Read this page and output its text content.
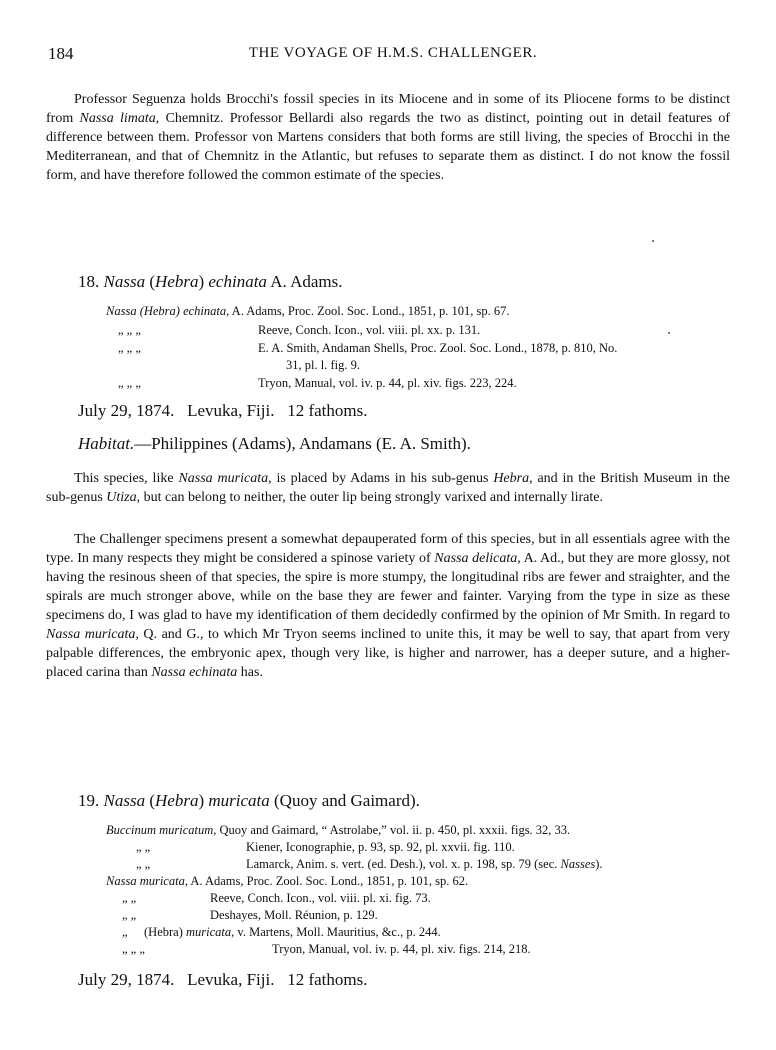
184	THE VOYAGE OF H.M.S. CHALLENGER.

Professor Seguenza holds Brocchi's fossil species in its Miocene and in some of its Pliocene forms to be distinct from Nassa limata, Chemnitz. Professor Bellardi also regards the two as distinct, pointing out in detail features of difference between them. Professor von Martens considers that both forms are still living, the species of Brocchi in the Mediterranean, and that of Chemnitz in the Atlantic, but refuses to separate them as distinct. I do not know the fossil form, and have therefore followed the common estimate of the species.

18. Nassa (Hebra) echinata A. Adams.

Nassa (Hebra) echinata, A. Adams, Proc. Zool. Soc. Lond., 1851, p. 101, sp. 67.

„ „ „	Reeve, Conch. Icon., vol. viii. pl. xx. p. 131.

„ „ „	E. A. Smith, Andaman Shells, Proc. Zool. Soc. Lond., 1878, p. 810, No.

31, pl. l. fig. 9.

„ „ „	Tryon, Manual, vol. iv. p. 44, pl. xiv. figs. 223, 224.

July 29, 1874.   Levuka, Fiji.   12 fathoms.

Habitat.—Philippines (Adams), Andamans (E. A. Smith).

This species, like Nassa muricata, is placed by Adams in his sub-genus Hebra, and in the British Museum in the sub-genus Utiza, but can belong to neither, the outer lip being strongly varixed and internally lirate.

The Challenger specimens present a somewhat depauperated form of this species, but in all essentials agree with the type. In many respects they might be considered a spinose variety of Nassa delicata, A. Ad., but they are more glossy, not having the resinous sheen of that species, the spire is more stumpy, the longitudinal ribs are fewer and straighter, and the spirals are much stronger above, while on the base they are fewer and fainter. Varying from the type in size as these specimens do, I was glad to have my identification of them decidedly confirmed by the opinion of Mr Smith. In regard to Nassa muricata, Q. and G., to which Mr Tryon seems inclined to unite this, it may be well to say, that apart from very palpable differences, the embryonic apex, though very like, is higher and narrower, has a deeper suture, and a higher-placed carina than Nassa echinata has.

19. Nassa (Hebra) muricata (Quoy and Gaimard).

Buccinum muricatum, Quoy and Gaimard, “ Astrolabe,” vol. ii. p. 450, pl. xxxii. figs. 32, 33.

„ „	Kiener, Iconographie, p. 93, sp. 92, pl. xxvii. fig. 110.

„ „	Lamarck, Anim. s. vert. (ed. Desh.), vol. x. p. 198, sp. 79 (sec. Nasses).

Nassa muricata, A. Adams, Proc. Zool. Soc. Lond., 1851, p. 101, sp. 62.

„ „	Reeve, Conch. Icon., vol. viii. pl. xi. fig. 73.

„ „	Deshayes, Moll. Réunion, p. 129.

„ (Hebra) muricata, v. Martens, Moll. Mauritius, &c., p. 244.

„ „ „	Tryon, Manual, vol. iv. p. 44, pl. xiv. figs. 214, 218.

July 29, 1874.   Levuka, Fiji.   12 fathoms.
